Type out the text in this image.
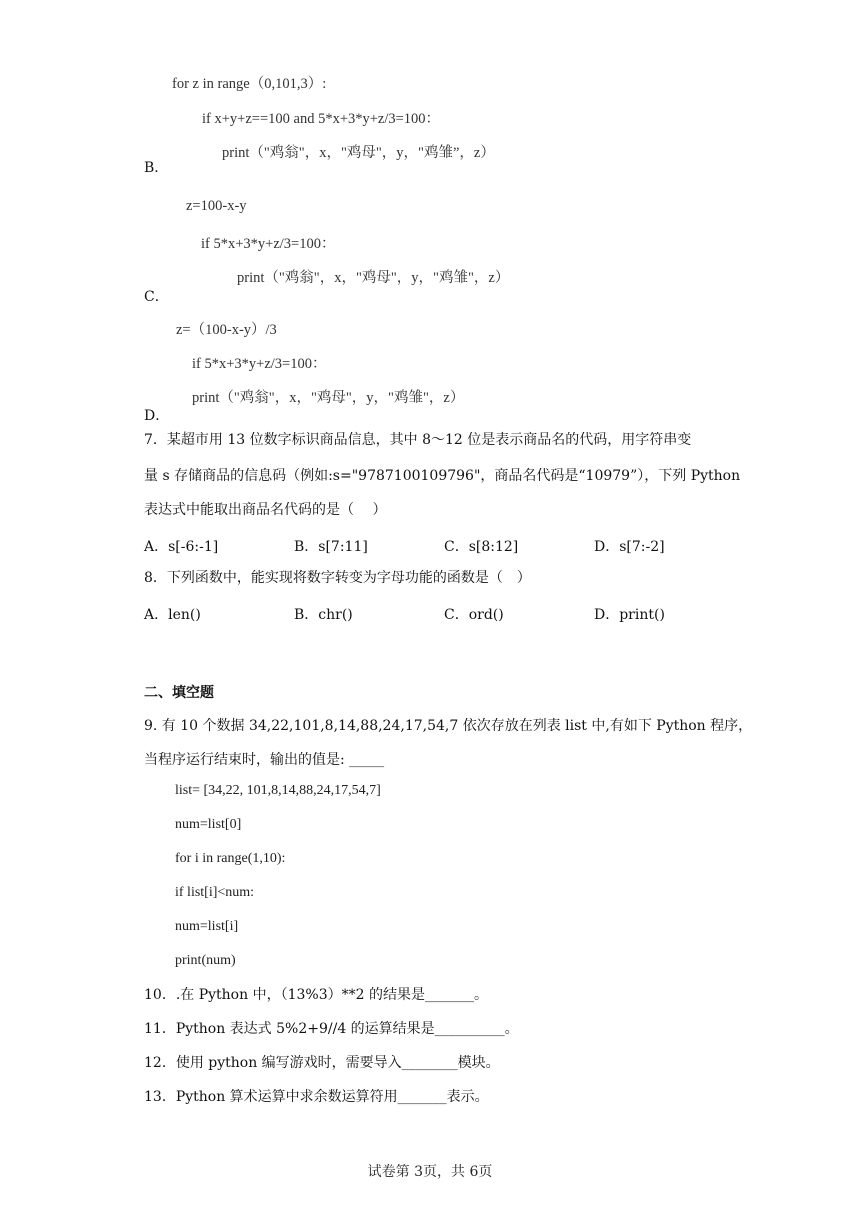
for z in range（0,101,3）:
if x+y+z==100 and 5*x+3*y+z/3=100：
print（"鸡翁"，x，"鸡母"，y，"鸡雏”，z）
B．
z=100-x-y
if 5*x+3*y+z/3=100：
print（"鸡翁"，x，"鸡母"，y，"鸡雏"，z）
C．
z=（100-x-y）/3
if 5*x+3*y+z/3=100：
print（"鸡翁"，x，"鸡母"，y，"鸡雏"，z）
D．
7．某超市用 13 位数字标识商品信息，其中 8～12 位是表示商品名的代码，用字符串变
量 s 存储商品的信息码（例如:s="9787100109796"，商品名代码是“10979”），下列 Python
表达式中能取出商品名代码的是（　 ）
A．s[-6:-1]	B．s[7:11]	C．s[8:12]	D．s[7:-2]
8．下列函数中，能实现将数字转变为字母功能的函数是（　）
A．len()	B．chr()	C．ord()	D．print()
二、填空题
9. 有 10 个数据 34,22,101,8,14,88,24,17,54,7 依次存放在列表 list 中,有如下 Python 程序，
当程序运行结束时，输出的值是: _____
list= [34,22, 101,8,14,88,24,17,54,7]
num=list[0]
for i in range(1,10):
if list[i]<num:
num=list[i]
print(num)
10．.在 Python 中，（13%3）**2 的结果是_______。
11．Python 表达式 5%2+9//4 的运算结果是__________。
12．使用 python 编写游戏时，需要导入________模块。
13．Python 算术运算中求余数运算符用_______表示。
试卷第 3页，共 6页
